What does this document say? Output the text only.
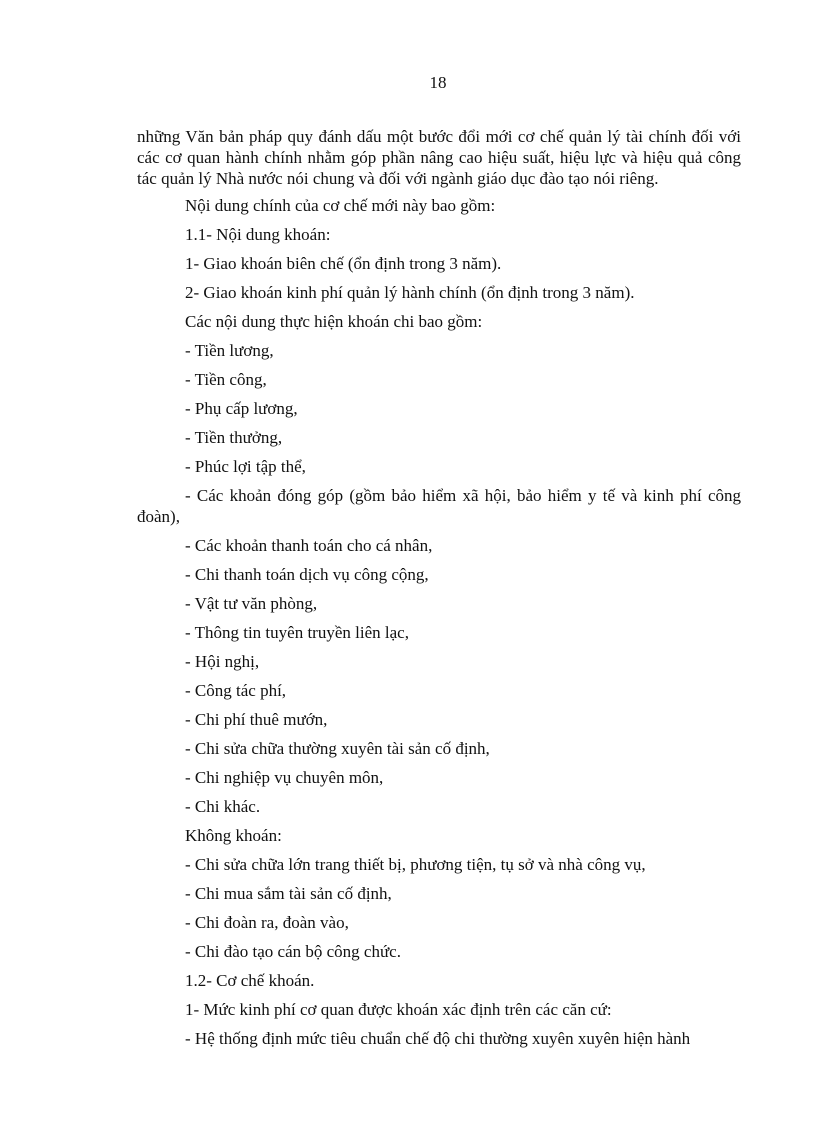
18

những Văn bản pháp quy đánh dấu một bước đổi mới cơ chế quản lý tài chính đối với các cơ quan hành chính nhằm góp phần nâng cao hiệu suất, hiệu lực và hiệu quả công tác quản lý Nhà nước nói chung và đối với ngành giáo dục đào tạo nói riêng.

Nội dung chính của cơ chế mới này bao gồm:

1.1- Nội dung khoán:

1- Giao khoán biên chế (ổn định trong 3 năm).

2- Giao khoán kinh phí quản lý hành chính (ổn định trong 3 năm).

Các nội dung thực hiện khoán chi bao gồm:

- Tiền lương,

- Tiền công,

- Phụ cấp lương,

- Tiền thưởng,

- Phúc lợi tập thể,

- Các khoản đóng góp (gồm bảo hiểm xã hội, bảo hiểm y tế và kinh phí công đoàn),

- Các khoản thanh toán cho cá nhân,

- Chi thanh toán dịch vụ công cộng,

- Vật tư văn phòng,

- Thông tin tuyên truyền liên lạc,

- Hội nghị,

- Công tác phí,

- Chi phí thuê mướn,

- Chi sửa chữa thường xuyên tài sản cố định,

- Chi nghiệp vụ chuyên môn,

- Chi khác.

Không khoán:

- Chi sửa chữa lớn trang thiết bị, phương tiện, tụ sở và nhà công vụ,

- Chi mua sắm tài sản cố định,

- Chi đoàn ra, đoàn vào,

- Chi đào tạo cán bộ công chức.

1.2- Cơ chế khoán.

1- Mức kinh phí cơ quan được khoán xác định trên các căn cứ:

- Hệ thống định mức tiêu chuẩn chế độ chi thường xuyên xuyên hiện hành
